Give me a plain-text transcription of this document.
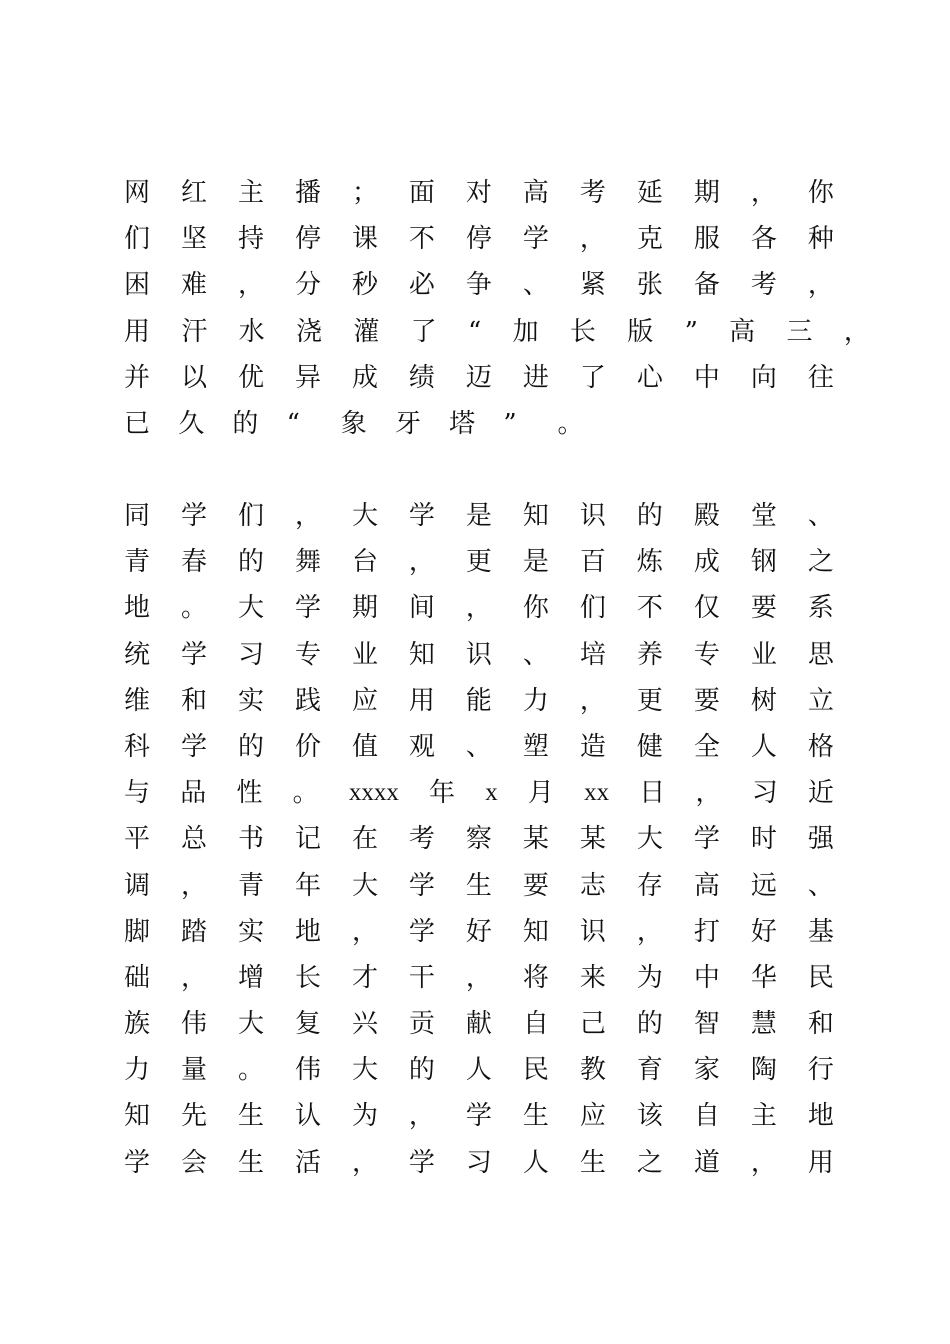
网 红 主 播 ； 面 对 高 考 延 期 ， 你
们 坚 持 停 课 不 停 学 ， 克 服 各 种
困 难 ， 分 秒 必 争 、 紧 张 备 考 ，
用 汗 水 浇 灌 了 “ 加 长 版 ” 高 三 ，
并 以 优 异 成 绩 迈 进 了 心 中 向 往
已	久	的	“	象	牙	塔	”	。
同 学 们 ， 大 学 是 知 识 的 殿 堂 、
青 春 的 舞 台 ， 更 是 百 炼 成 钢 之
地 。 大 学 期 间 ， 你 们 不 仅 要 系
统 学 习 专 业 知 识 、 培 养 专 业 思
维 和 实 践 应 用 能 力 ， 更 要 树 立
科 学 的 价 值 观 、 塑 造 健 全 人 格
与 品 性 。 xxxx 年 x 月 xx 日 ， 习 近
平 总 书 记 在 考 察 某 某 大 学 时 强
调 ， 青 年 大 学 生 要 志 存 高 远 、
脚 踏 实 地 ， 学 好 知 识 ， 打 好 基
础 ， 增 长 才 干 ， 将 来 为 中 华 民
族 伟 大 复 兴 贡 献 自 己 的 智 慧 和
力 量 。 伟 大 的 人 民 教 育 家 陶 行
知 先 生 认 为 ， 学 生 应 该 自 主 地
学 会 生 活 ， 学 习 人 生 之 道 ， 用
